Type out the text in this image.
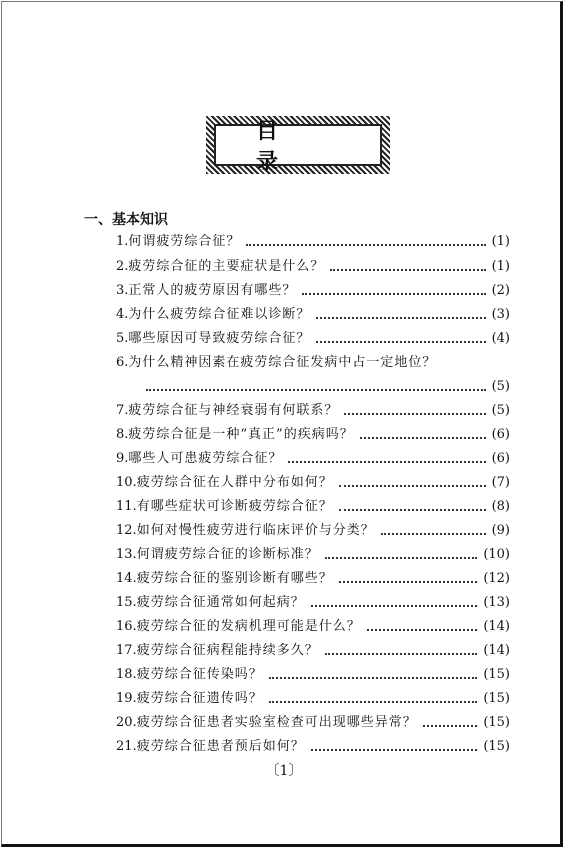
目 录
一、基本知识
1. 何谓疲劳综合征？	(1)
2. 疲劳综合征的主要症状是什么？	(1)
3. 正常人的疲劳原因有哪些？	(2)
4. 为什么疲劳综合征难以诊断？	(3)
5. 哪些原因可导致疲劳综合征？	(4)
6. 为什么精神因素在疲劳综合征发病中占一定地位？
(5)
7. 疲劳综合征与神经衰弱有何联系？	(5)
8. 疲劳综合征是一种“真正”的疾病吗？	(6)
9. 哪些人可患疲劳综合征？	(6)
10. 疲劳综合征在人群中分布如何？	(7)
11. 有哪些症状可诊断疲劳综合征？	(8)
12. 如何对慢性疲劳进行临床评价与分类？	(9)
13. 何谓疲劳综合征的诊断标准？	(10)
14. 疲劳综合征的鉴别诊断有哪些？	(12)
15. 疲劳综合征通常如何起病？	(13)
16. 疲劳综合征的发病机理可能是什么？	(14)
17. 疲劳综合征病程能持续多久？	(14)
18. 疲劳综合征传染吗？	(15)
19. 疲劳综合征遗传吗？	(15)
20. 疲劳综合征患者实验室检查可出现哪些异常？	(15)
21. 疲劳综合征患者预后如何？	(15)
〔1〕
